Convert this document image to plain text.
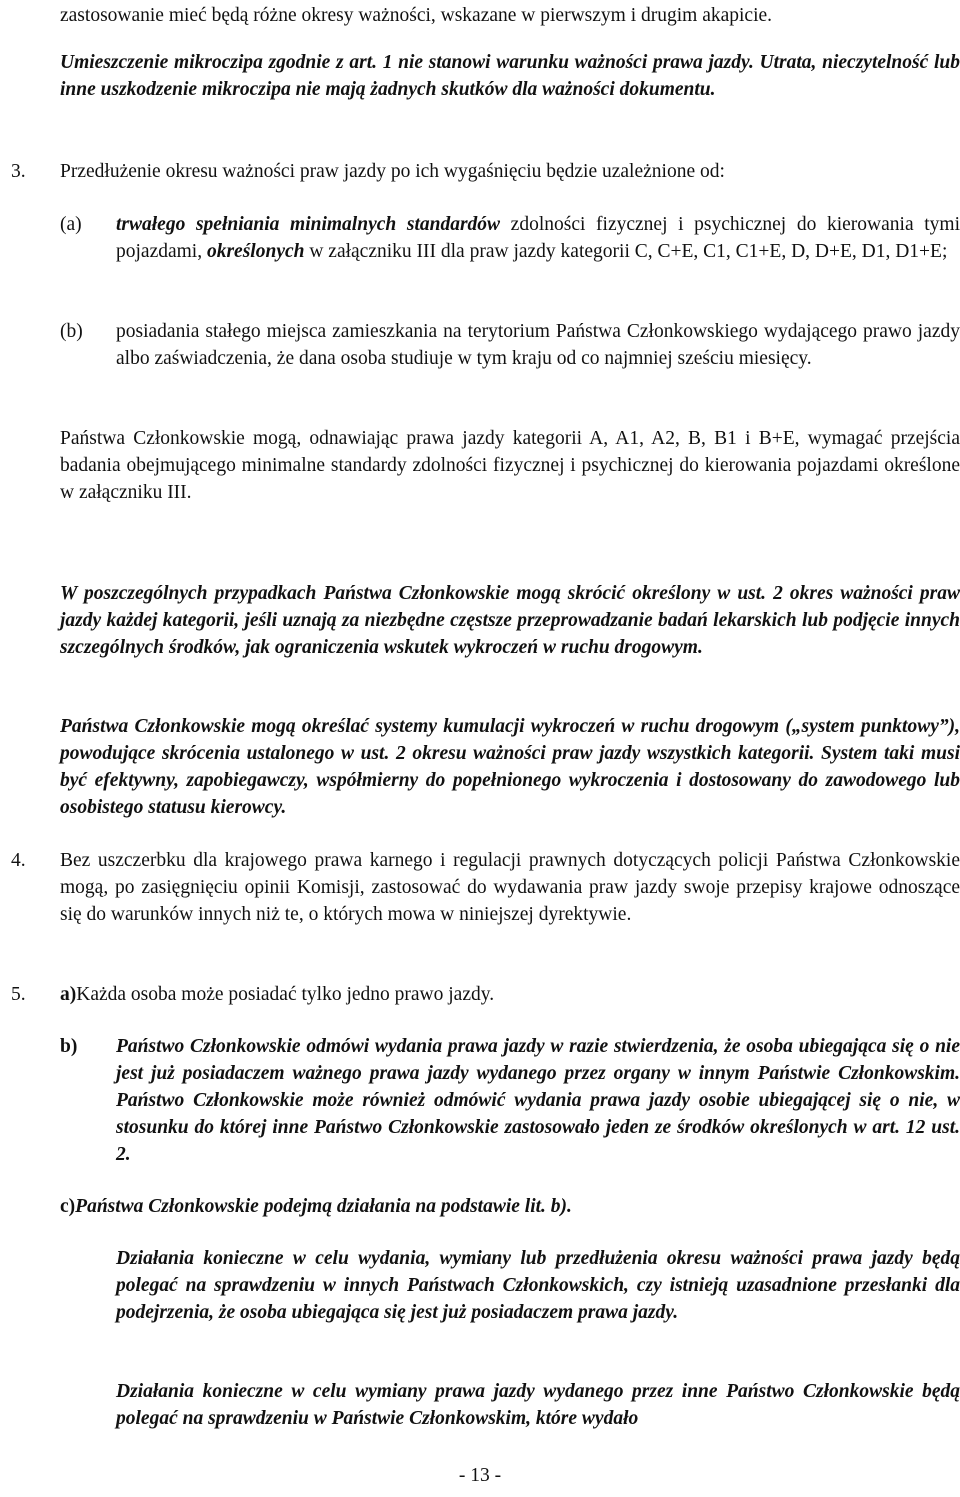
zastosowanie mieć będą różne okresy ważności, wskazane w pierwszym i drugim akapicie.
Umieszczenie mikroczipa zgodnie z art. 1 nie stanowi warunku ważności prawa jazdy. Utrata, nieczytelność lub inne uszkodzenie mikroczipa nie mają żadnych skutków dla ważności dokumentu.
3. Przedłużenie okresu ważności praw jazdy po ich wygaśnięciu będzie uzależnione od:
(a) trwałego spełniania minimalnych standardów zdolności fizycznej i psychicznej do kierowania tymi pojazdami, określonych w załączniku III dla praw jazdy kategorii C, C+E, C1, C1+E, D, D+E, D1, D1+E;
(b) posiadania stałego miejsca zamieszkania na terytorium Państwa Członkowskiego wydającego prawo jazdy albo zaświadczenia, że dana osoba studiuje w tym kraju od co najmniej sześciu miesięcy.
Państwa Członkowskie mogą, odnawiając prawa jazdy kategorii A, A1, A2, B, B1 i B+E, wymagać przejścia badania obejmującego minimalne standardy zdolności fizycznej i psychicznej do kierowania pojazdami określone w załączniku III.
W poszczególnych przypadkach Państwa Członkowskie mogą skrócić określony w ust. 2 okres ważności praw jazdy każdej kategorii, jeśli uznają za niezbędne częstsze przeprowadzanie badań lekarskich lub podjęcie innych szczególnych środków, jak ograniczenia wskutek wykroczeń w ruchu drogowym.
Państwa Członkowskie mogą określać systemy kumulacji wykroczeń w ruchu drogowym („system punktowy”), powodujące skrócenia ustalonego w ust. 2 okresu ważności praw jazdy wszystkich kategorii. System taki musi być efektywny, zapobiegawczy, współmierny do popełnionego wykroczenia i dostosowany do zawodowego lub osobistego statusu kierowcy.
4. Bez uszczerbku dla krajowego prawa karnego i regulacji prawnych dotyczących policji Państwa Członkowskie mogą, po zasięgnięciu opinii Komisji, zastosować do wydawania praw jazdy swoje przepisy krajowe odnoszące się do warunków innych niż te, o których mowa w niniejszej dyrektywie.
5. a)Każda osoba może posiadać tylko jedno prawo jazdy.
b) Państwo Członkowskie odmówi wydania prawa jazdy w razie stwierdzenia, że osoba ubiegająca się o nie jest już posiadaczem ważnego prawa jazdy wydanego przez organy w innym Państwie Członkowskim. Państwo Członkowskie może również odmówić wydania prawa jazdy osobie ubiegającej się o nie, w stosunku do której inne Państwo Członkowskie zastosowało jeden ze środków określonych w art. 12 ust. 2.
c)Państwa Członkowskie podejmą działania na podstawie lit. b).
Działania konieczne w celu wydania, wymiany lub przedłużenia okresu ważności prawa jazdy będą polegać na sprawdzeniu w innych Państwach Członkowskich, czy istnieją uzasadnione przesłanki dla podejrzenia, że osoba ubiegająca się jest już posiadaczem prawa jazdy.
Działania konieczne w celu wymiany prawa jazdy wydanego przez inne Państwo Członkowskie będą polegać na sprawdzeniu w Państwie Członkowskim, które wydało
- 13 -
